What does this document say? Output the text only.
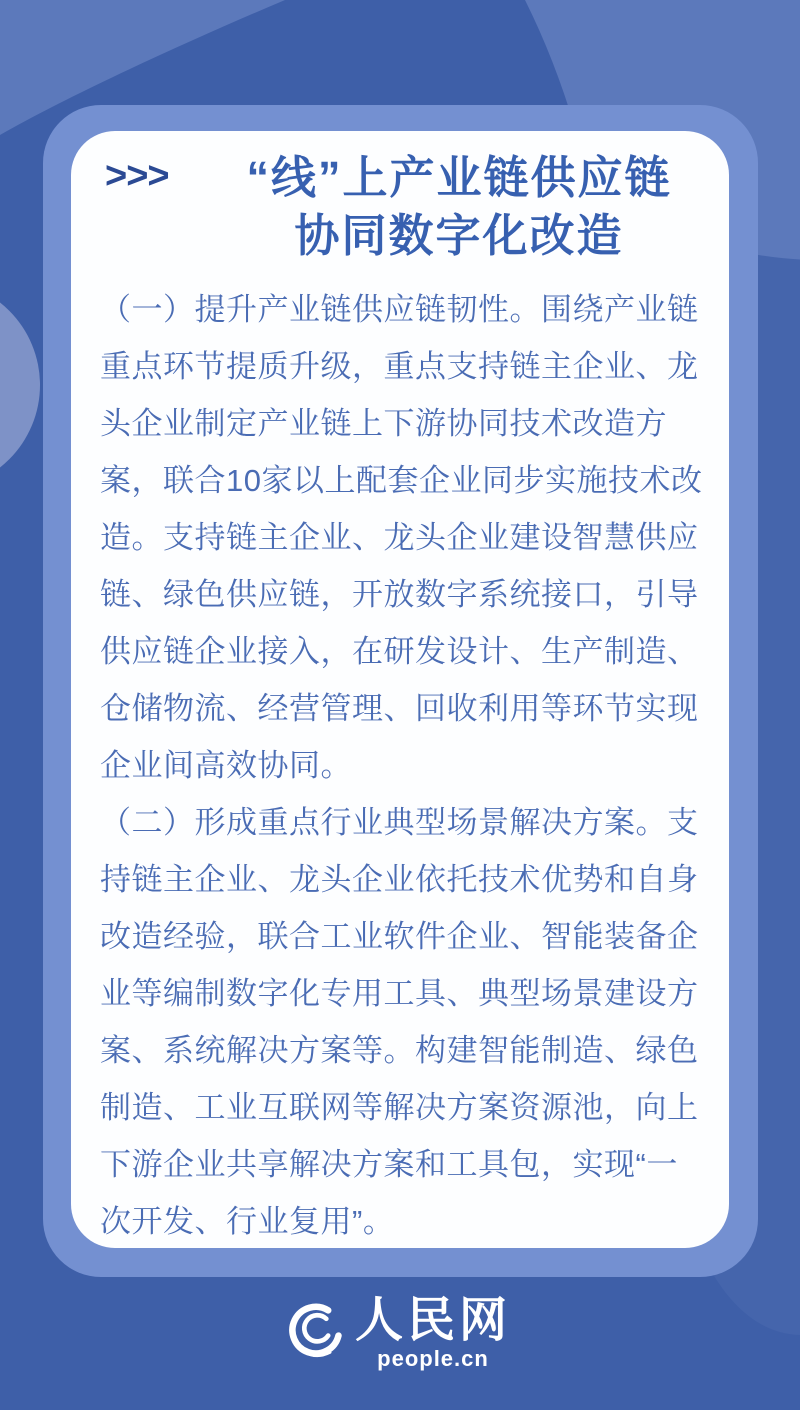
>>>	“线”上产业链供应链
协同数字化改造
（一）提升产业链供应链韧性。围绕产业链
重点环节提质升级，重点支持链主企业、龙
头企业制定产业链上下游协同技术改造方
案，联合10家以上配套企业同步实施技术改
造。支持链主企业、龙头企业建设智慧供应
链、绿色供应链，开放数字系统接口，引导
供应链企业接入，在研发设计、生产制造、
仓储物流、经营管理、回收利用等环节实现
企业间高效协同。
（二）形成重点行业典型场景解决方案。支
持链主企业、龙头企业依托技术优势和自身
改造经验，联合工业软件企业、智能装备企
业等编制数字化专用工具、典型场景建设方
案、系统解决方案等。构建智能制造、绿色
制造、工业互联网等解决方案资源池，向上
下游企业共享解决方案和工具包，实现“一
次开发、行业复用”。
人民网
people.cn
